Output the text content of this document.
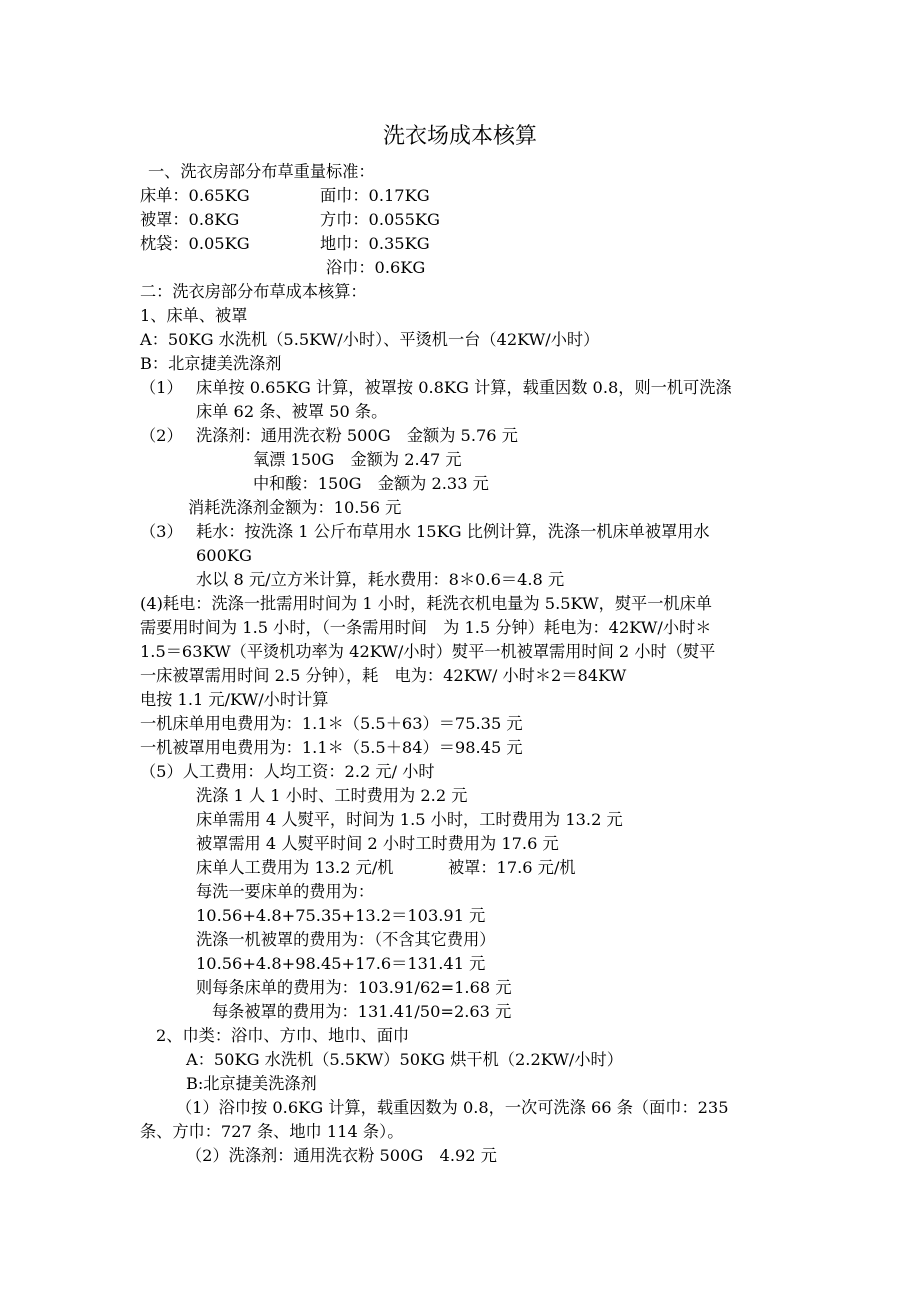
洗衣场成本核算
一、洗衣房部分布草重量标准：
床单：0.65KG	面巾：0.17KG
被罩：0.8KG	方巾：0.055KG
枕袋：0.05KG	地巾：0.35KG
浴巾：0.6KG
二：洗衣房部分布草成本核算：
1、床单、被罩
A：50KG 水洗机（5.5KW/小时）、平烫机一台（42KW/小时）
B：北京捷美洗涤剂
（1） 床单按 0.65KG 计算，被罩按 0.8KG 计算，载重因数 0.8，则一机可洗涤
床单 62 条、被罩 50 条。
（2） 洗涤剂：通用洗衣粉 500G　金额为 5.76 元
氧漂 150G　金额为 2.47 元
中和酸：150G　金额为 2.33 元
消耗洗涤剂金额为：10.56 元
（3） 耗水：按洗涤 1 公斤布草用水 15KG 比例计算，洗涤一机床单被罩用水
600KG
水以 8 元/立方米计算，耗水费用：8＊0.6＝4.8 元
(4)耗电：洗涤一批需用时间为 1 小时，耗洗衣机电量为 5.5KW，熨平一机床单
需要用时间为 1.5 小时，（一条需用时间　为 1.5 分钟）耗电为：42KW/小时＊
1.5＝63KW（平烫机功率为 42KW/小时）熨平一机被罩需用时间 2 小时（熨平
一床被罩需用时间 2.5 分钟），耗　电为：42KW/ 小时＊2＝84KW
电按 1.1 元/KW/小时计算
一机床单用电费用为：1.1＊（5.5＋63）＝75.35 元
一机被罩用电费用为：1.1＊（5.5＋84）＝98.45 元
（5）人工费用：人均工资：2.2 元/ 小时
洗涤 1 人 1 小时、工时费用为 2.2 元
床单需用 4 人熨平，时间为 1.5 小时，工时费用为 13.2 元
被罩需用 4 人熨平时间 2 小时工时费用为 17.6 元
床单人工费用为 13.2 元/机	被罩：17.6 元/机
每洗一要床单的费用为：
10.56+4.8+75.35+13.2＝103.91 元
洗涤一机被罩的费用为：（不含其它费用）
10.56+4.8+98.45+17.6＝131.41 元
则每条床单的费用为：103.91/62=1.68 元
每条被罩的费用为：131.41/50=2.63 元
2、巾类：浴巾、方巾、地巾、面巾
A：50KG 水洗机（5.5KW）50KG 烘干机（2.2KW/小时）
B:北京捷美洗涤剂
（1）浴巾按 0.6KG 计算，载重因数为 0.8，一次可洗涤 66 条（面巾：235
条、方巾：727 条、地巾 114 条）。
（2）洗涤剂：通用洗衣粉 500G　4.92 元
